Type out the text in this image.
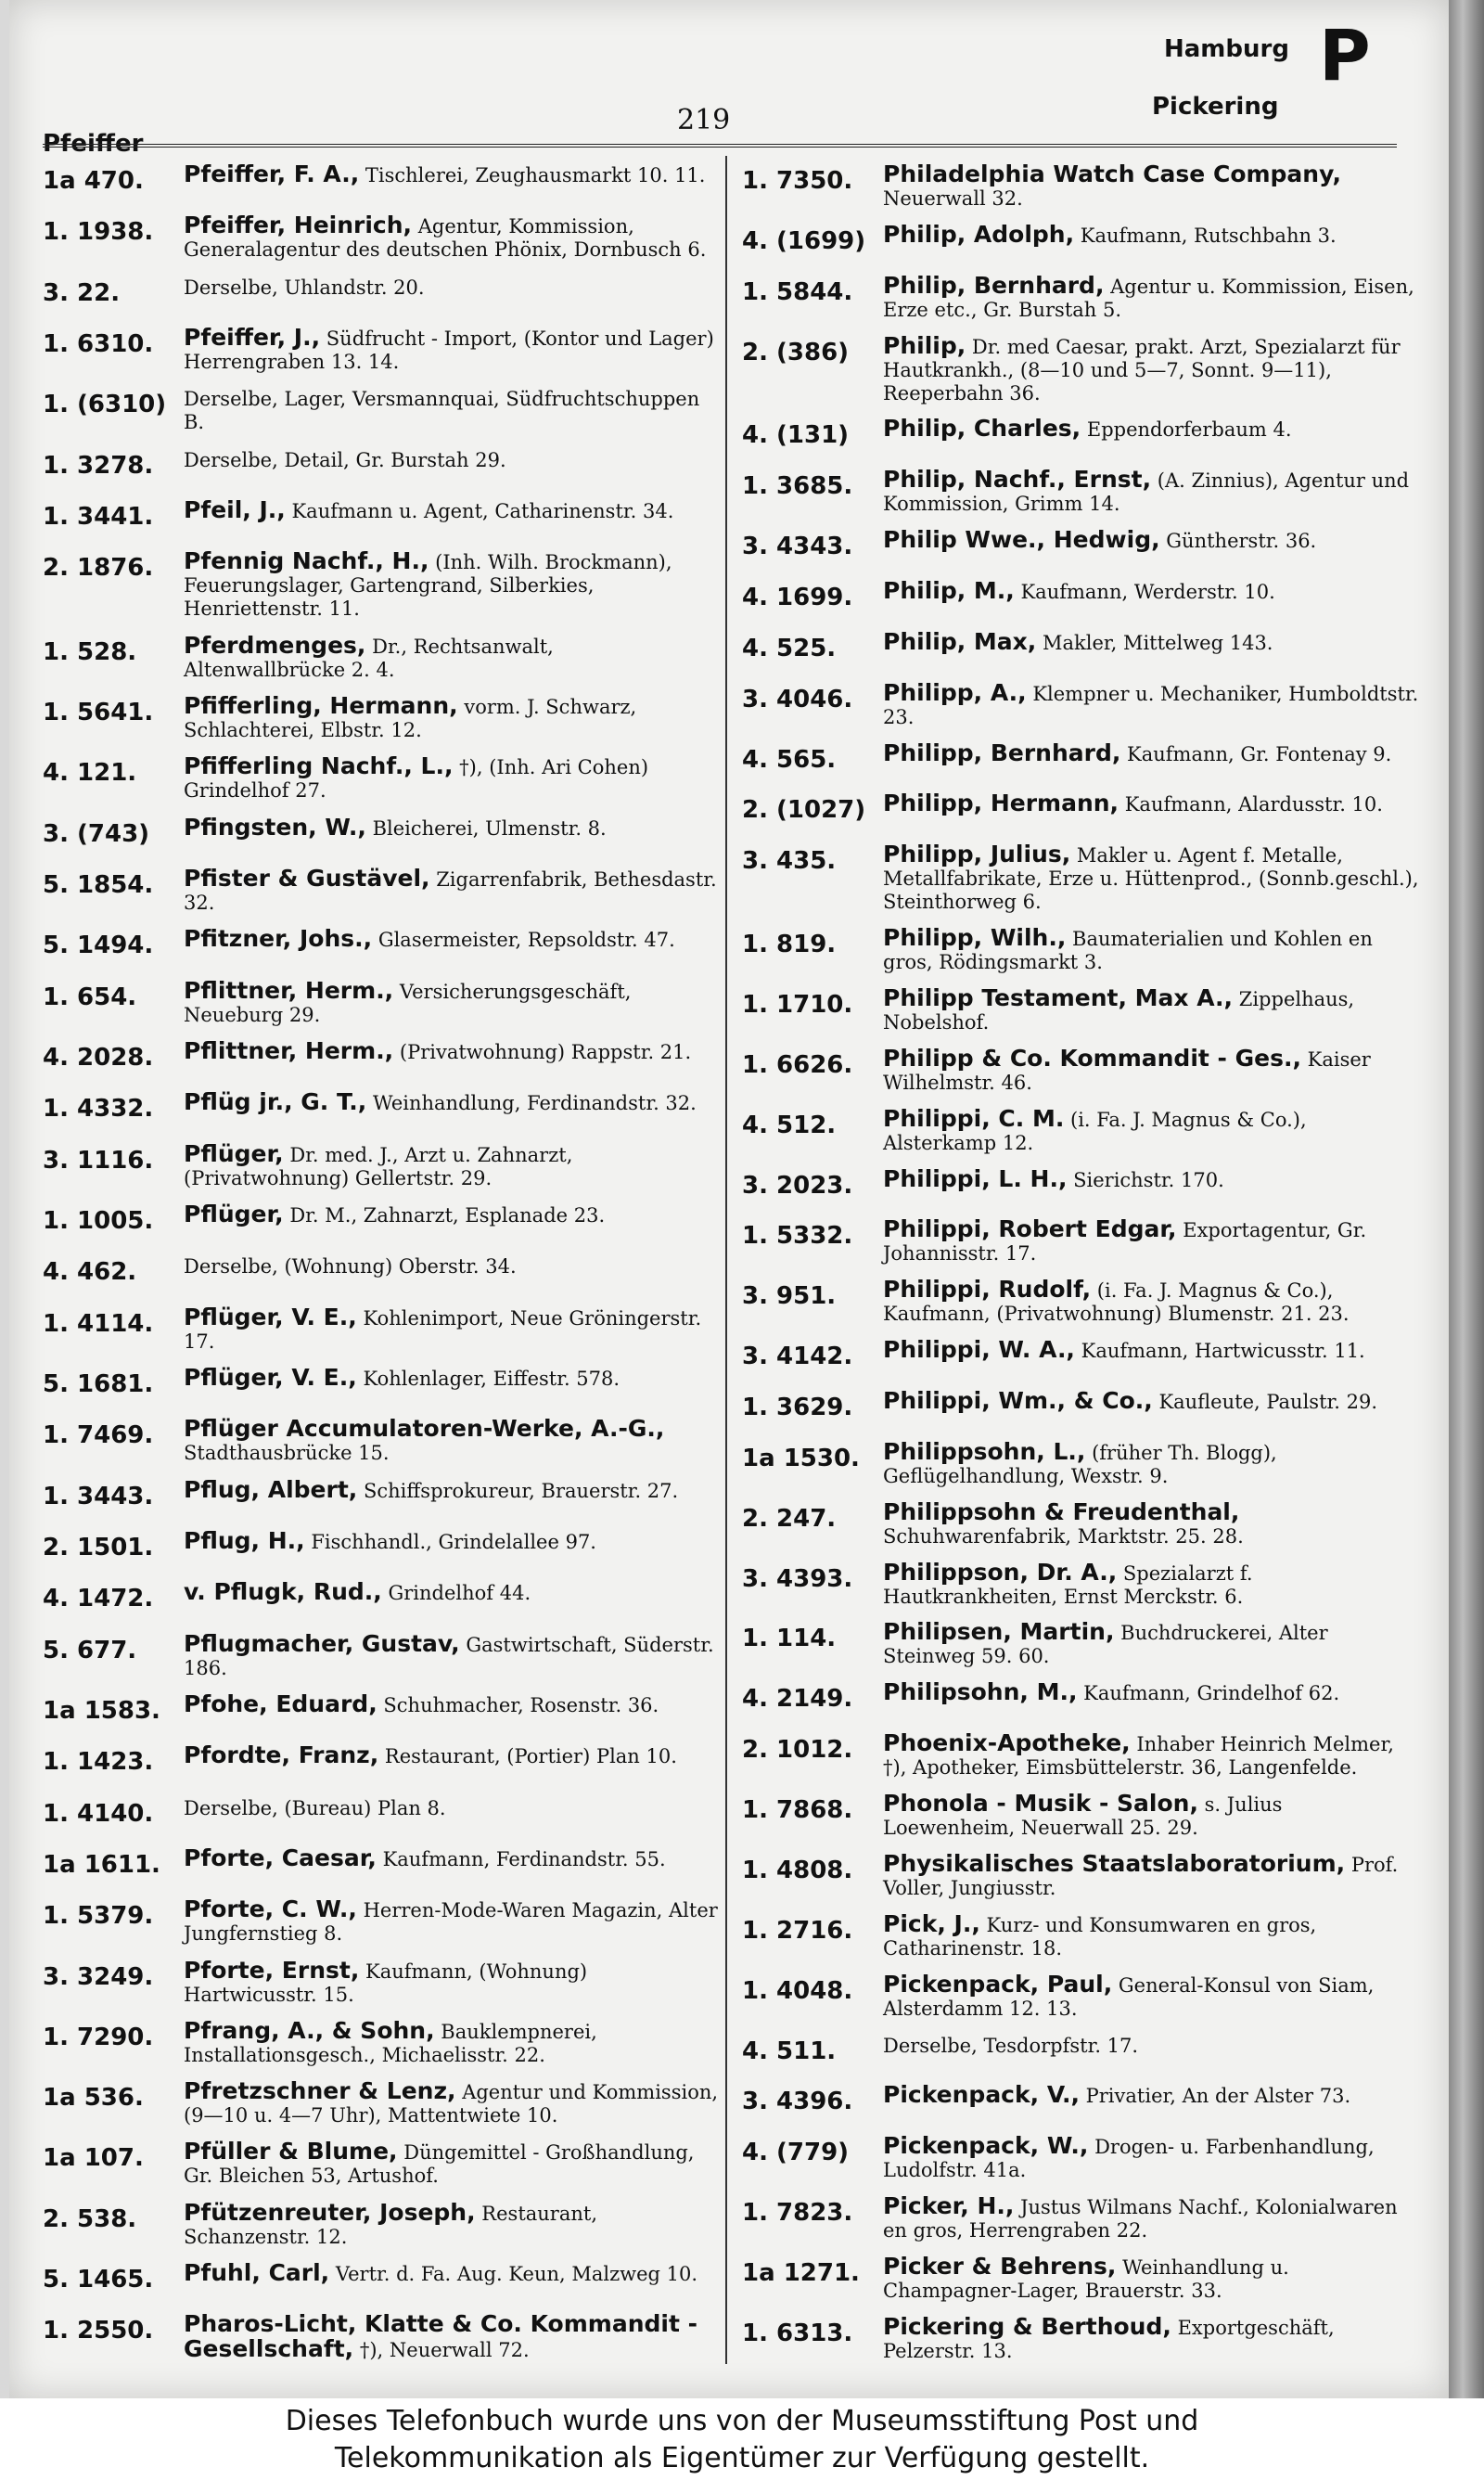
Pfeiffer
219
Hamburg P
Pickering
1a 470.	Pfeiffer, F. A., Tischlerei, Zeughausmarkt 10. 11.
1. 1938.	Pfeiffer, Heinrich, Agentur, Kommission, Generalagentur des deutschen Phönix, Dornbusch 6.
3. 22.	Derselbe, Uhlandstr. 20.
1. 6310.	Pfeiffer, J., Südfrucht - Import, (Kontor und Lager) Herrengraben 13. 14.
1. (6310) Derselbe, Lager, Versmannquai, Südfruchtschuppen B.
1. 3278.	Derselbe, Detail, Gr. Burstah 29.
1. 3441.	Pfeil, J., Kaufmann u. Agent, Catharinenstr. 34.
2. 1876.	Pfennig Nachf., H., (Inh. Wilh. Brockmann), Feuerungslager, Gartengrand, Silberkies, Henriettenstr. 11.
1. 528.	Pferdmenges, Dr., Rechtsanwalt, Altenwallbrücke 2. 4.
1. 5641.	Pfifferling, Hermann, vorm. J. Schwarz, Schlachterei, Elbstr. 12.
4. 121.	Pfifferling Nachf., L., †), (Inh. Ari Cohen) Grindelhof 27.
3. (743)	Pfingsten, W., Bleicherei, Ulmenstr. 8.
5. 1854.	Pfister & Gustävel, Zigarrenfabrik, Bethesdastr. 32.
5. 1494.	Pfitzner, Johs., Glasermeister, Repsoldstr. 47.
1. 654.	Pflittner, Herm., Versicherungsgeschäft, Neueburg 29.
4. 2028.	Pflittner, Herm., (Privatwohnung) Rappstr. 21.
1. 4332.	Pflüg jr., G. T., Weinhandlung, Ferdinandstr. 32.
3. 1116.	Pflüger, Dr. med. J., Arzt u. Zahnarzt, (Privatwohnung) Gellertstr. 29.
1. 1005.	Pflüger, Dr. M., Zahnarzt, Esplanade 23.
4. 462.	Derselbe, (Wohnung) Oberstr. 34.
1. 4114.	Pflüger, V. E., Kohlenimport, Neue Gröningerstr. 17.
5. 1681.	Pflüger, V. E., Kohlenlager, Eiffestr. 578.
1. 7469.	Pflüger Accumulatoren-Werke, A.-G., Stadthausbrücke 15.
1. 3443.	Pflug, Albert, Schiffsprokureur, Brauerstr. 27.
2. 1501.	Pflug, H., Fischhandl., Grindelallee 97.
4. 1472.	v. Pflugk, Rud., Grindelhof 44.
5. 677.	Pflugmacher, Gustav, Gastwirtschaft, Süderstr. 186.
1a 1583.	Pfohe, Eduard, Schuhmacher, Rosenstr. 36.
1. 1423.	Pfordte, Franz, Restaurant, (Portier) Plan 10.
1. 4140.	Derselbe, (Bureau) Plan 8.
1a 1611.	Pforte, Caesar, Kaufmann, Ferdinandstr. 55.
1. 5379.	Pforte, C. W., Herren-Mode-Waren Magazin, Alter Jungfernstieg 8.
3. 3249.	Pforte, Ernst, Kaufmann, (Wohnung) Hartwicusstr. 15.
1. 7290.	Pfrang, A., & Sohn, Bauklempnerei, Installationsgesch., Michaelisstr. 22.
1a 536.	Pfretzschner & Lenz, Agentur und Kommission, (9—10 u. 4—7 Uhr), Mattentwiete 10.
1a 107.	Pfüller & Blume, Düngemittel - Großhandlung, Gr. Bleichen 53, Artushof.
2. 538.	Pfützenreuter, Joseph, Restaurant, Schanzenstr. 12.
5. 1465.	Pfuhl, Carl, Vertr. d. Fa. Aug. Keun, Malzweg 10.
1. 2550.	Pharos-Licht, Klatte & Co. Kommandit - Gesellschaft, †), Neuerwall 72.
1. 7350.	Philadelphia Watch Case Company, Neuerwall 32.
4. (1699) Philip, Adolph, Kaufmann, Rutschbahn 3.
1. 5844.	Philip, Bernhard, Agentur u. Kommission, Eisen, Erze etc., Gr. Burstah 5.
2. (386)	Philip, Dr. med Caesar, prakt. Arzt, Spezialarzt für Hautkrankh., (8—10 und 5—7, Sonnt. 9—11), Reeperbahn 36.
4. (131)	Philip, Charles, Eppendorferbaum 4.
1. 3685.	Philip, Nachf., Ernst, (A. Zinnius), Agentur und Kommission, Grimm 14.
3. 4343.	Philip Wwe., Hedwig, Güntherstr. 36.
4. 1699.	Philip, M., Kaufmann, Werderstr. 10.
4. 525.	Philip, Max, Makler, Mittelweg 143.
3. 4046.	Philipp, A., Klempner u. Mechaniker, Humboldtstr. 23.
4. 565.	Philipp, Bernhard, Kaufmann, Gr. Fontenay 9.
2. (1027) Philipp, Hermann, Kaufmann, Alardusstr. 10.
3. 435.	Philipp, Julius, Makler u. Agent f. Metalle, Metallfabrikate, Erze u. Hüttenprod., (Sonnb.geschl.), Steinthorweg 6.
1. 819.	Philipp, Wilh., Baumaterialien und Kohlen en gros, Rödingsmarkt 3.
1. 1710.	Philipp Testament, Max A., Zippelhaus, Nobelshof.
1. 6626.	Philipp & Co. Kommandit - Ges., Kaiser Wilhelmstr. 46.
4. 512.	Philippi, C. M. (i. Fa. J. Magnus & Co.), Alsterkamp 12.
3. 2023.	Philippi, L. H., Sierichstr. 170.
1. 5332.	Philippi, Robert Edgar, Exportagentur, Gr. Johannisstr. 17.
3. 951.	Philippi, Rudolf, (i. Fa. J. Magnus & Co.), Kaufmann, (Privatwohnung) Blumenstr. 21. 23.
3. 4142.	Philippi, W. A., Kaufmann, Hartwicusstr. 11.
1. 3629.	Philippi, Wm., & Co., Kaufleute, Paulstr. 29.
1a 1530.	Philippsohn, L., (früher Th. Blogg), Geflügelhandlung, Wexstr. 9.
2. 247.	Philippsohn & Freudenthal, Schuhwarenfabrik, Marktstr. 25. 28.
3. 4393.	Philippson, Dr. A., Spezialarzt f. Hautkrankheiten, Ernst Merckstr. 6.
1. 114.	Philipsen, Martin, Buchdruckerei, Alter Steinweg 59. 60.
4. 2149.	Philipsohn, M., Kaufmann, Grindelhof 62.
2. 1012.	Phoenix-Apotheke, Inhaber Heinrich Melmer, †), Apotheker, Eimsbüttelerstr. 36, Langenfelde.
1. 7868.	Phonola - Musik - Salon, s. Julius Loewenheim, Neuerwall 25. 29.
1. 4808.	Physikalisches Staatslaboratorium, Prof. Voller, Jungiusstr.
1. 2716.	Pick, J., Kurz- und Konsumwaren en gros, Catharinenstr. 18.
1. 4048.	Pickenpack, Paul, General-Konsul von Siam, Alsterdamm 12. 13.
4. 511.	Derselbe, Tesdorpfstr. 17.
3. 4396.	Pickenpack, V., Privatier, An der Alster 73.
4. (779)	Pickenpack, W., Drogen- u. Farbenhandlung, Ludolfstr. 41a.
1. 7823.	Picker, H., Justus Wilmans Nachf., Kolonialwaren en gros, Herrengraben 22.
1a 1271.	Picker & Behrens, Weinhandlung u. Champagner-Lager, Brauerstr. 33.
1. 6313.	Pickering & Berthoud, Exportgeschäft, Pelzerstr. 13.
Dieses Telefonbuch wurde uns von der Museumsstiftung Post und
Telekommunikation als Eigentümer zur Verfügung gestellt.
